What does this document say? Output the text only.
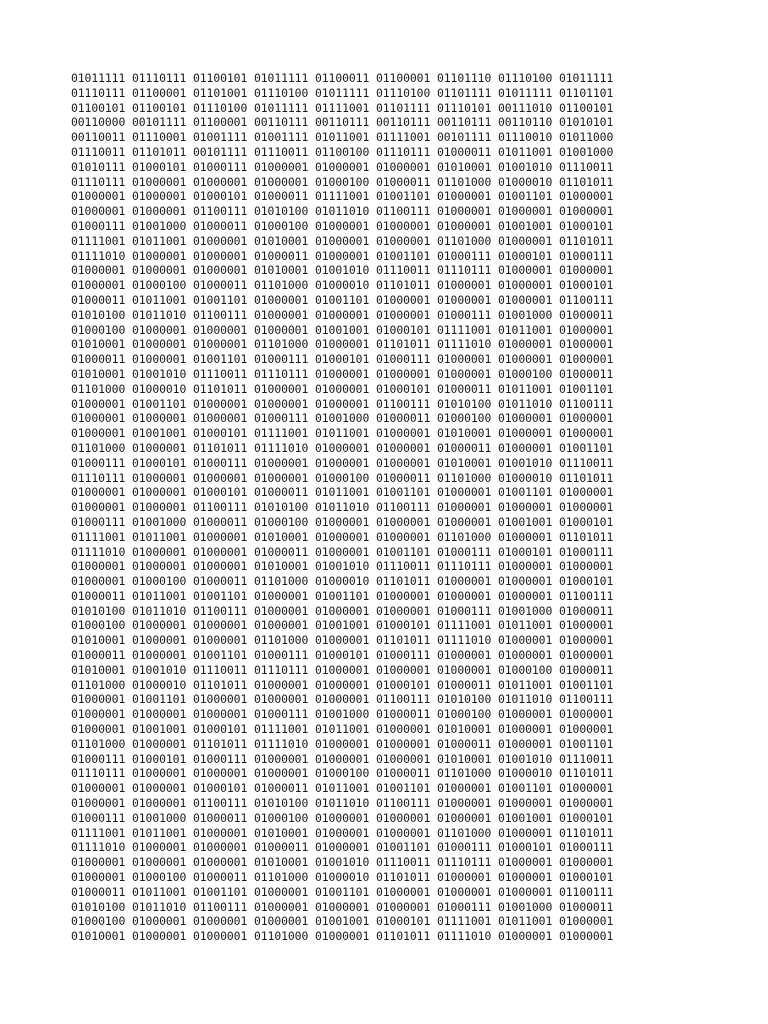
01011111 01110111 01100101 01011111 01100011 01100001 01101110 01110100 01011111
01110111 01100001 01101001 01110100 01011111 01110100 01101111 01011111 01101101
01100101 01100101 01110100 01011111 01111001 01101111 01110101 00111010 01100101
00110000 00101111 01100001 00110111 00110111 00110111 00110111 00110110 01010101
00110011 01110001 01001111 01001111 01011001 01111001 00101111 01110010 01011000
01110011 01101011 00101111 01110011 01100100 01110111 01000011 01011001 01001000
01010111 01000101 01000111 01000001 01000001 01000001 01010001 01001010 01110011
01110111 01000001 01000001 01000001 01000100 01000011 01101000 01000010 01101011
01000001 01000001 01000101 01000011 01111001 01001101 01000001 01001101 01000001
01000001 01000001 01100111 01010100 01011010 01100111 01000001 01000001 01000001
01000111 01001000 01000011 01000100 01000001 01000001 01000001 01001001 01000101
01111001 01011001 01000001 01010001 01000001 01000001 01101000 01000001 01101011
01111010 01000001 01000001 01000011 01000001 01001101 01000111 01000101 01000111
01000001 01000001 01000001 01010001 01001010 01110011 01110111 01000001 01000001
01000001 01000100 01000011 01101000 01000010 01101011 01000001 01000001 01000101
01000011 01011001 01001101 01000001 01001101 01000001 01000001 01000001 01100111
01010100 01011010 01100111 01000001 01000001 01000001 01000111 01001000 01000011
01000100 01000001 01000001 01000001 01001001 01000101 01111001 01011001 01000001
01010001 01000001 01000001 01101000 01000001 01101011 01111010 01000001 01000001
01000011 01000001 01001101 01000111 01000101 01000111 01000001 01000001 01000001
01010001 01001010 01110011 01110111 01000001 01000001 01000001 01000100 01000011
01101000 01000010 01101011 01000001 01000001 01000101 01000011 01011001 01001101
01000001 01001101 01000001 01000001 01000001 01100111 01010100 01011010 01100111
01000001 01000001 01000001 01000111 01001000 01000011 01000100 01000001 01000001
01000001 01001001 01000101 01111001 01011001 01000001 01010001 01000001 01000001
01101000 01000001 01101011 01111010 01000001 01000001 01000011 01000001 01001101
01000111 01000101 01000111 01000001 01000001 01000001 01010001 01001010 01110011
01110111 01000001 01000001 01000001 01000100 01000011 01101000 01000010 01101011
01000001 01000001 01000101 01000011 01011001 01001101 01000001 01001101 01000001
01000001 01000001 01100111 01010100 01011010 01100111 01000001 01000001 01000001
01000111 01001000 01000011 01000100 01000001 01000001 01000001 01001001 01000101
01111001 01011001 01000001 01010001 01000001 01000001 01101000 01000001 01101011
01111010 01000001 01000001 01000011 01000001 01001101 01000111 01000101 01000111
01000001 01000001 01000001 01010001 01001010 01110011 01110111 01000001 01000001
01000001 01000100 01000011 01101000 01000010 01101011 01000001 01000001 01000101
01000011 01011001 01001101 01000001 01001101 01000001 01000001 01000001 01100111
01010100 01011010 01100111 01000001 01000001 01000001 01000111 01001000 01000011
01000100 01000001 01000001 01000001 01001001 01000101 01111001 01011001 01000001
01010001 01000001 01000001 01101000 01000001 01101011 01111010 01000001 01000001
01000011 01000001 01001101 01000111 01000101 01000111 01000001 01000001 01000001
01010001 01001010 01110011 01110111 01000001 01000001 01000001 01000100 01000011
01101000 01000010 01101011 01000001 01000001 01000101 01000011 01011001 01001101
01000001 01001101 01000001 01000001 01000001 01100111 01010100 01011010 01100111
01000001 01000001 01000001 01000111 01001000 01000011 01000100 01000001 01000001
01000001 01001001 01000101 01111001 01011001 01000001 01010001 01000001 01000001
01101000 01000001 01101011 01111010 01000001 01000001 01000011 01000001 01001101
01000111 01000101 01000111 01000001 01000001 01000001 01010001 01001010 01110011
01110111 01000001 01000001 01000001 01000100 01000011 01101000 01000010 01101011
01000001 01000001 01000101 01000011 01011001 01001101 01000001 01001101 01000001
01000001 01000001 01100111 01010100 01011010 01100111 01000001 01000001 01000001
01000111 01001000 01000011 01000100 01000001 01000001 01000001 01001001 01000101
01111001 01011001 01000001 01010001 01000001 01000001 01101000 01000001 01101011
01111010 01000001 01000001 01000011 01000001 01001101 01000111 01000101 01000111
01000001 01000001 01000001 01010001 01001010 01110011 01110111 01000001 01000001
01000001 01000100 01000011 01101000 01000010 01101011 01000001 01000001 01000101
01000011 01011001 01001101 01000001 01001101 01000001 01000001 01000001 01100111
01010100 01011010 01100111 01000001 01000001 01000001 01000111 01001000 01000011
01000100 01000001 01000001 01000001 01001001 01000101 01111001 01011001 01000001
01010001 01000001 01000001 01101000 01000001 01101011 01111010 01000001 01000001
